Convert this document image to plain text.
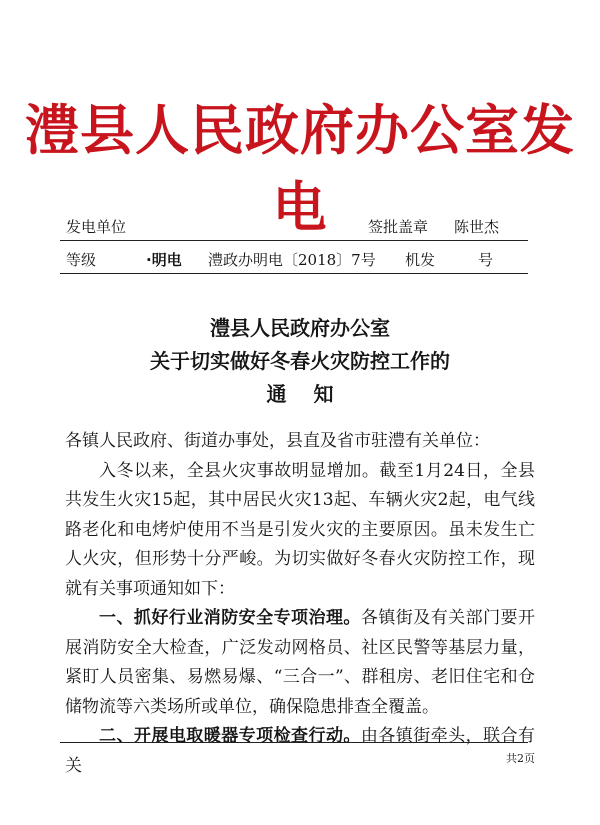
澧县人民政府办公室发电
发电单位	签批盖章 陈世杰
等级	·明电 澧政办明电〔2018〕7号 机发	号
澧县人民政府办公室
关于切实做好冬春火灾防控工作的
通　 知

各镇人民政府、街道办事处，县直及省市驻澧有关单位：

入冬以来，全县火灾事故明显增加。截至1月24日，全县共发生火灾15起，其中居民火灾13起、车辆火灾2起，电气线路老化和电烤炉使用不当是引发火灾的主要原因。虽未发生亡人火灾，但形势十分严峻。为切实做好冬春火灾防控工作，现就有关事项通知如下：

一、抓好行业消防安全专项治理。各镇街及有关部门要开展消防安全大检查，广泛发动网格员、社区民警等基层力量，紧盯人员密集、易燃易爆、“三合一”、群租房、老旧住宅和仓储物流等六类场所或单位，确保隐患排查全覆盖。

二、开展电取暖器专项检查行动。由各镇街牵头，联合有关	共2页
